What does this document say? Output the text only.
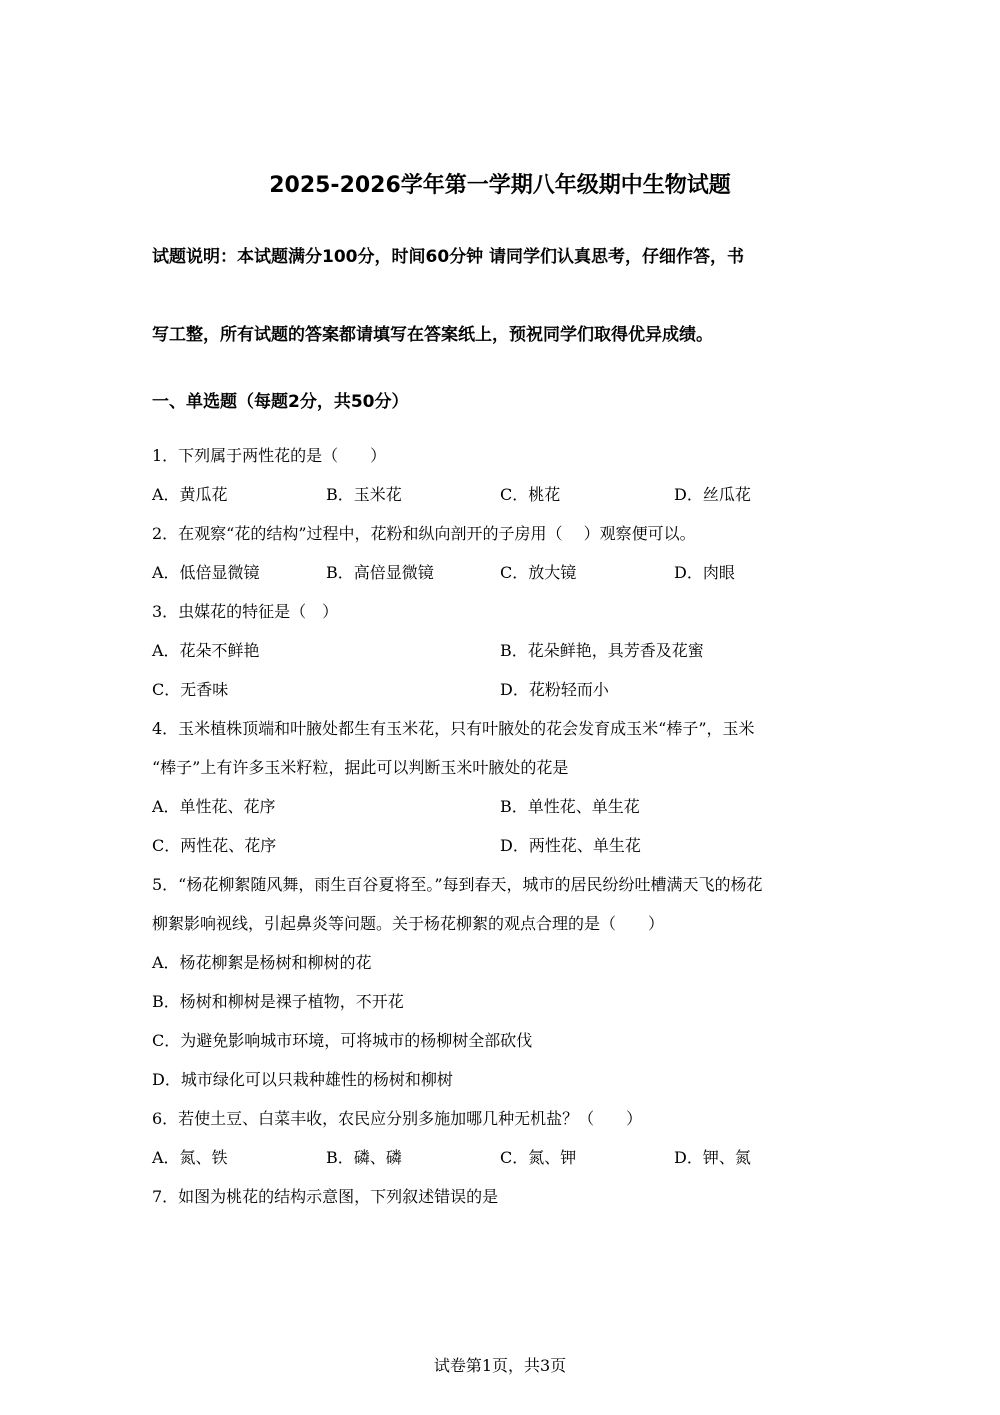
2025-2026学年第一学期八年级期中生物试题
试题说明：本试题满分100分，时间60分钟 请同学们认真思考，仔细作答，书
写工整，所有试题的答案都请填写在答案纸上，预祝同学们取得优异成绩。
一、单选题（每题2分，共50分）
1．下列属于两性花的是（　　）
A．黄瓜花	B．玉米花	C．桃花	D．丝瓜花
2．在观察“花的结构”过程中，花粉和纵向剖开的子房用（　 ）观察便可以。
A．低倍显微镜	B．高倍显微镜	C．放大镜	D．肉眼
3．虫媒花的特征是（　）
A．花朵不鲜艳	B．花朵鲜艳，具芳香及花蜜
C．无香味	D．花粉轻而小
4．玉米植株顶端和叶腋处都生有玉米花，只有叶腋处的花会发育成玉米“棒子”，玉米
“棒子”上有许多玉米籽粒，据此可以判断玉米叶腋处的花是
A．单性花、花序	B．单性花、单生花
C．两性花、花序	D．两性花、单生花
5．“杨花柳絮随风舞，雨生百谷夏将至。”每到春天，城市的居民纷纷吐槽满天飞的杨花
柳絮影响视线，引起鼻炎等问题。关于杨花柳絮的观点合理的是（　　）
A．杨花柳絮是杨树和柳树的花
B．杨树和柳树是裸子植物，不开花
C．为避免影响城市环境，可将城市的杨柳树全部砍伐
D．城市绿化可以只栽种雄性的杨树和柳树
6．若使土豆、白菜丰收，农民应分别多施加哪几种无机盐？（　　）
A．氮、铁	B．磷、磷	C．氮、钾	D．钾、氮
7．如图为桃花的结构示意图，下列叙述错误的是
试卷第1页，共3页
